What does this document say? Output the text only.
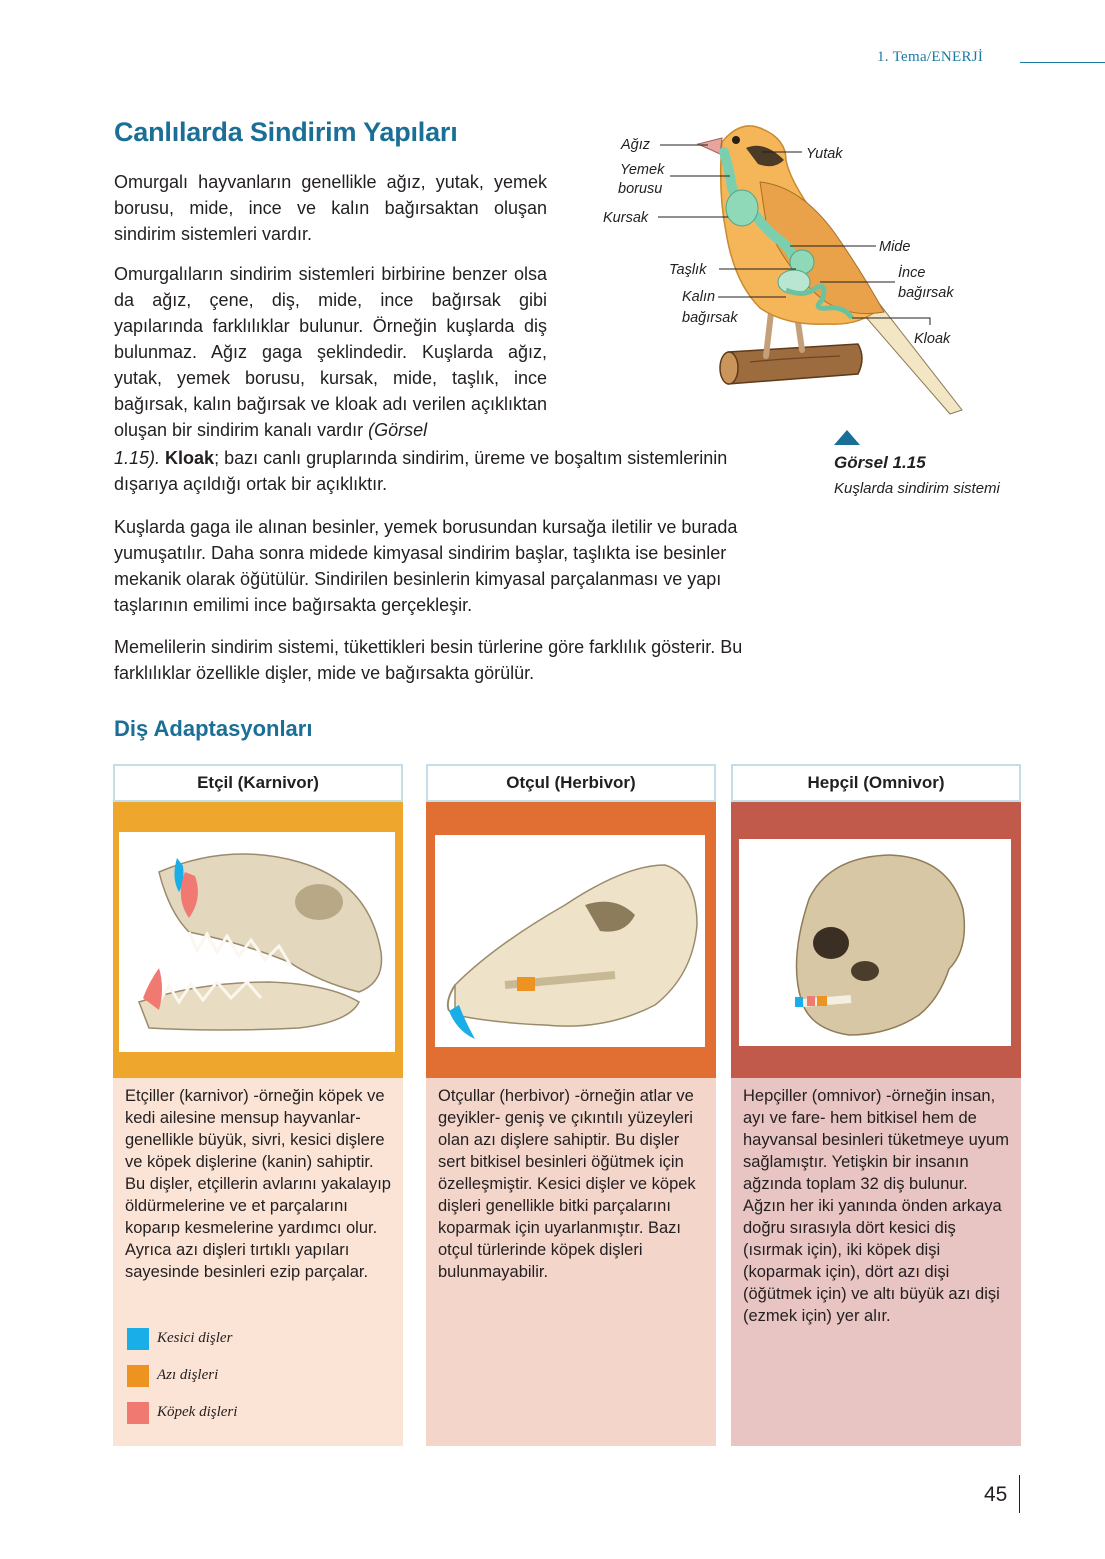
1. Tema/ENERJİ
Canlılarda Sindirim Yapıları
Omurgalı hayvanların genellikle ağız, yutak, yemek borusu, mide, ince ve kalın bağırsaktan oluşan sindirim sistemleri vardır.
Omurgalıların sindirim sistemleri birbirine benzer olsa da ağız, çene, diş, mide, ince bağırsak gibi yapılarında farklılıklar bulunur. Örneğin kuşlarda diş bulunmaz. Ağız gaga şeklindedir. Kuşlarda ağız, yutak, yemek borusu, kursak, mide, taşlık, ince bağırsak, kalın bağırsak ve kloak adı verilen açıklıktan oluşan bir sindirim kanalı vardır (Görsel
1.15). Kloak; bazı canlı gruplarında sindirim, üreme ve boşaltım sistemlerinin dışarıya açıldığı ortak bir açıklıktır.
Kuşlarda gaga ile alınan besinler, yemek borusundan kursağa iletilir ve burada yumuşatılır. Daha sonra midede kimyasal sindirim başlar, taşlıkta ise besinler mekanik olarak öğütülür. Sindirilen besinlerin kimyasal parçalanması ve yapı taşlarının emilimi ince bağırsakta gerçekleşir.
Memelilerin sindirim sistemi, tükettikleri besin türlerine göre farklılık gösterir. Bu farklılıklar özellikle dişler, mide ve bağırsakta görülür.
Ağız
Yemek
borusu
Kursak
Taşlık
Kalın
bağırsak
Yutak
Mide
İnce
bağırsak
Kloak
Görsel 1.15
Kuşlarda sindirim sistemi
Diş Adaptasyonları
Etçil (Karnivor)
Etçiller (karnivor) -örneğin köpek ve kedi ailesine mensup hayvanlar- genellikle büyük, sivri, kesici dişlere ve köpek dişlerine (kanin) sahiptir. Bu dişler, etçillerin avlarını yakalayıp öldürmelerine ve et parçalarını koparıp kesmelerine yardımcı olur. Ayrıca azı dişleri tırtıklı yapıları sayesinde besinleri ezip parçalar.
Kesici dişler
Azı dişleri
Köpek dişleri
Otçul (Herbivor)
Otçullar (herbivor) -örneğin atlar ve geyikler- geniş ve çıkıntılı yüzeyleri olan azı dişlere sahiptir. Bu dişler sert bitkisel besinleri öğütmek için özelleşmiştir. Kesici dişler ve köpek dişleri genellikle bitki parçalarını koparmak için uyarlanmıştır. Bazı otçul türlerinde köpek dişleri bulunmayabilir.
Hepçil (Omnivor)
Hepçiller (omnivor) -örneğin insan, ayı ve fare- hem bitkisel hem de hayvansal besinleri tüketmeye uyum sağlamıştır. Yetişkin bir insanın ağzında toplam 32 diş bulunur. Ağzın her iki yanında önden arkaya doğru sırasıyla dört kesici diş (ısırmak için), iki köpek dişi (koparmak için), dört azı dişi (öğütmek için) ve altı büyük azı dişi (ezmek için) yer alır.
45
